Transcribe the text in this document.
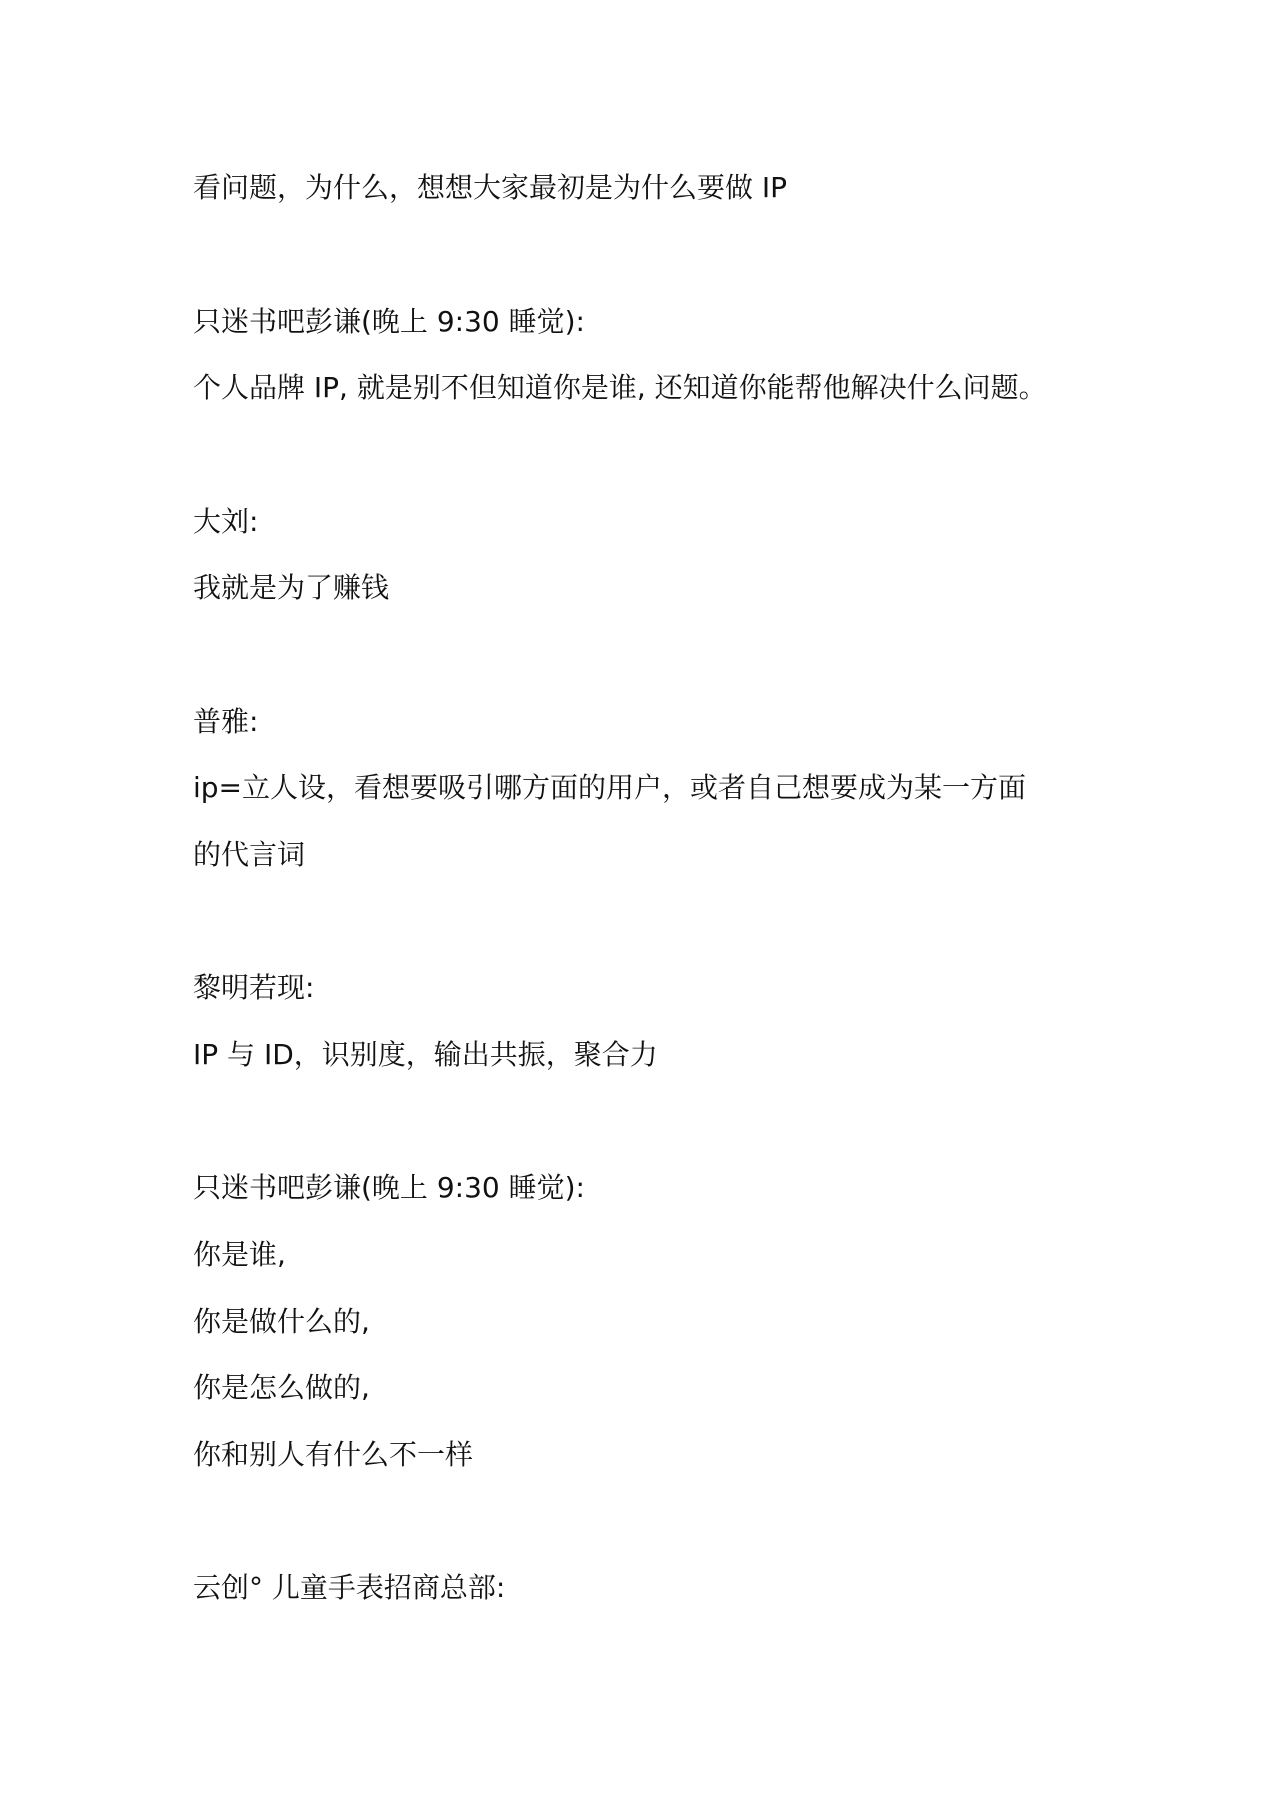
看问题，为什么，想想大家最初是为什么要做 IP
只迷书吧彭谦(晚上 9:30 睡觉):
个人品牌 IP, 就是别不但知道你是谁, 还知道你能帮他解决什么问题。
大刘:
我就是为了赚钱
普雅:
ip=立人设，看想要吸引哪方面的用户，或者自己想要成为某一方面
的代言词
黎明若现:
IP 与 ID，识别度，输出共振，聚合力
只迷书吧彭谦(晚上 9:30 睡觉):
你是谁,
你是做什么的,
你是怎么做的,
你和别人有什么不一样
云创° 儿童手表招商总部:
